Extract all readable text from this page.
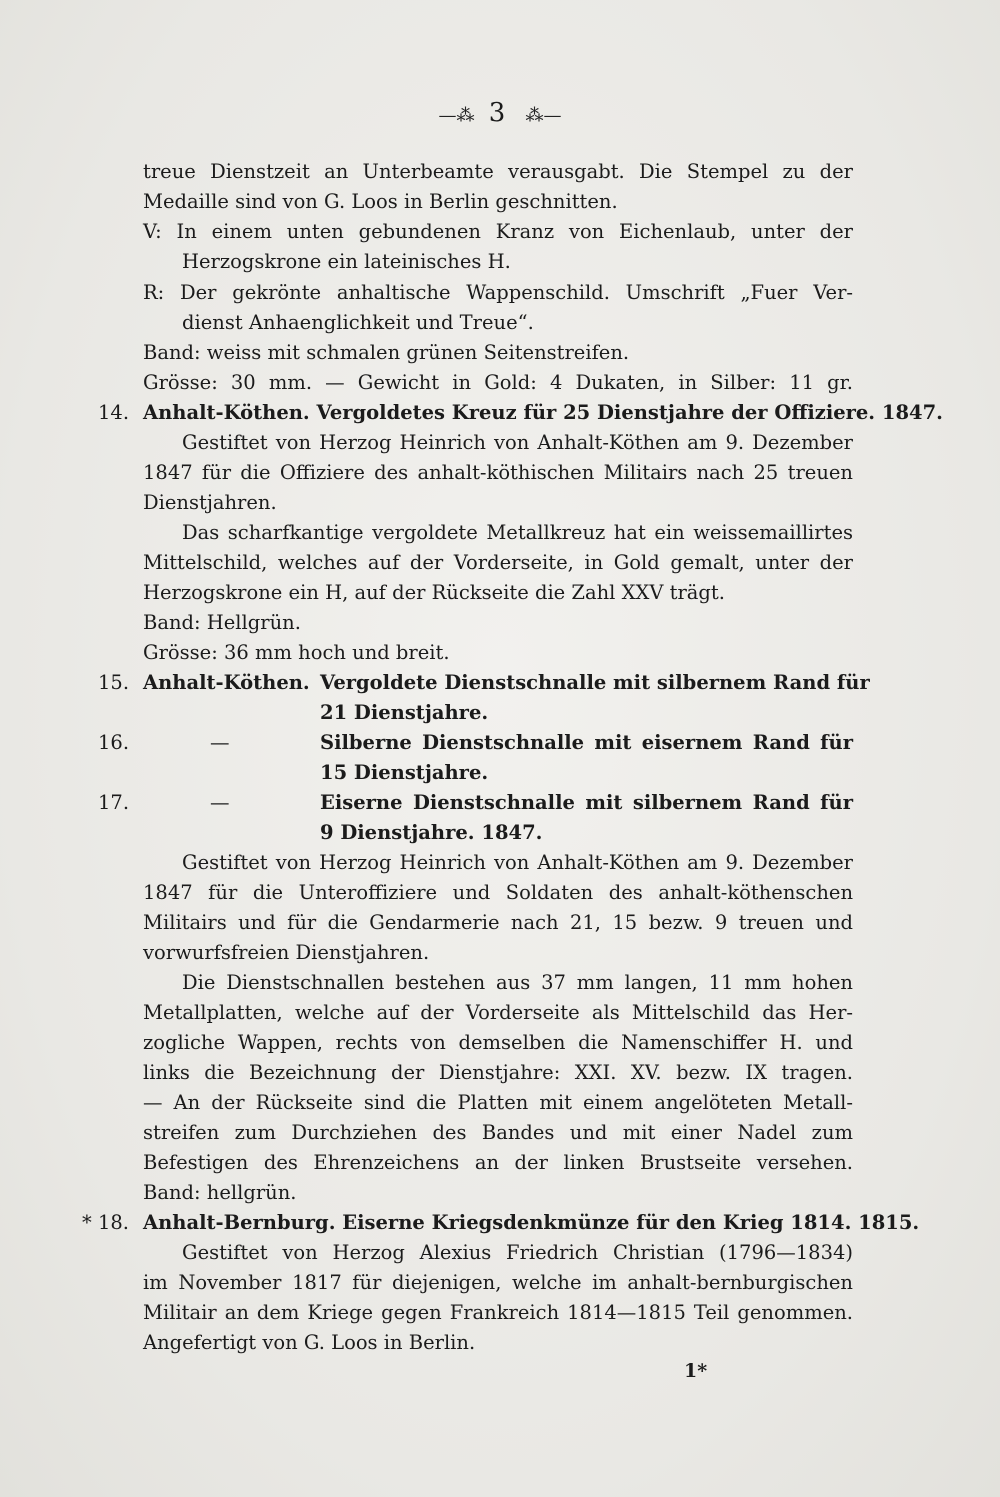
—⁂ 3 ⁂—
treue Dienstzeit an Unterbeamte verausgabt. Die Stempel zu der
Medaille sind von G. Loos in Berlin geschnitten.
V: In einem unten gebundenen Kranz von Eichenlaub, unter der
Herzogskrone ein lateinisches H.
R: Der gekrönte anhaltische Wappenschild. Umschrift „Fuer Ver-
dienst Anhaenglichkeit und Treue“.
Band: weiss mit schmalen grünen Seitenstreifen.
Grösse: 30 mm. — Gewicht in Gold: 4 Dukaten, in Silber: 11 gr.
14. Anhalt-Köthen. Vergoldetes Kreuz für 25 Dienstjahre der Offiziere. 1847.
Gestiftet von Herzog Heinrich von Anhalt-Köthen am 9. Dezember
1847 für die Offiziere des anhalt-köthischen Militairs nach 25 treuen
Dienstjahren.
Das scharfkantige vergoldete Metallkreuz hat ein weissemaillirtes
Mittelschild, welches auf der Vorderseite, in Gold gemalt, unter der
Herzogskrone ein H, auf der Rückseite die Zahl XXV trägt.
Band: Hellgrün.
Grösse: 36 mm hoch und breit.
15. Anhalt-Köthen. Vergoldete Dienstschnalle mit silbernem Rand für
21 Dienstjahre.
16.	—	Silberne Dienstschnalle mit eisernem Rand für
15 Dienstjahre.
17.	—	Eiserne Dienstschnalle mit silbernem Rand für
9 Dienstjahre. 1847.
Gestiftet von Herzog Heinrich von Anhalt-Köthen am 9. Dezember
1847 für die Unteroffiziere und Soldaten des anhalt-köthenschen
Militairs und für die Gendarmerie nach 21, 15 bezw. 9 treuen und
vorwurfsfreien Dienstjahren.
Die Dienstschnallen bestehen aus 37 mm langen, 11 mm hohen
Metallplatten, welche auf der Vorderseite als Mittelschild das Her-
zogliche Wappen, rechts von demselben die Namenschiffer H. und
links die Bezeichnung der Dienstjahre: XXI. XV. bezw. IX tragen.
— An der Rückseite sind die Platten mit einem angelöteten Metall-
streifen zum Durchziehen des Bandes und mit einer Nadel zum
Befestigen des Ehrenzeichens an der linken Brustseite versehen.
Band: hellgrün.
* 18. Anhalt-Bernburg. Eiserne Kriegsdenkmünze für den Krieg 1814. 1815.
Gestiftet von Herzog Alexius Friedrich Christian (1796—1834)
im November 1817 für diejenigen, welche im anhalt-bernburgischen
Militair an dem Kriege gegen Frankreich 1814—1815 Teil genommen.
Angefertigt von G. Loos in Berlin.
1*
